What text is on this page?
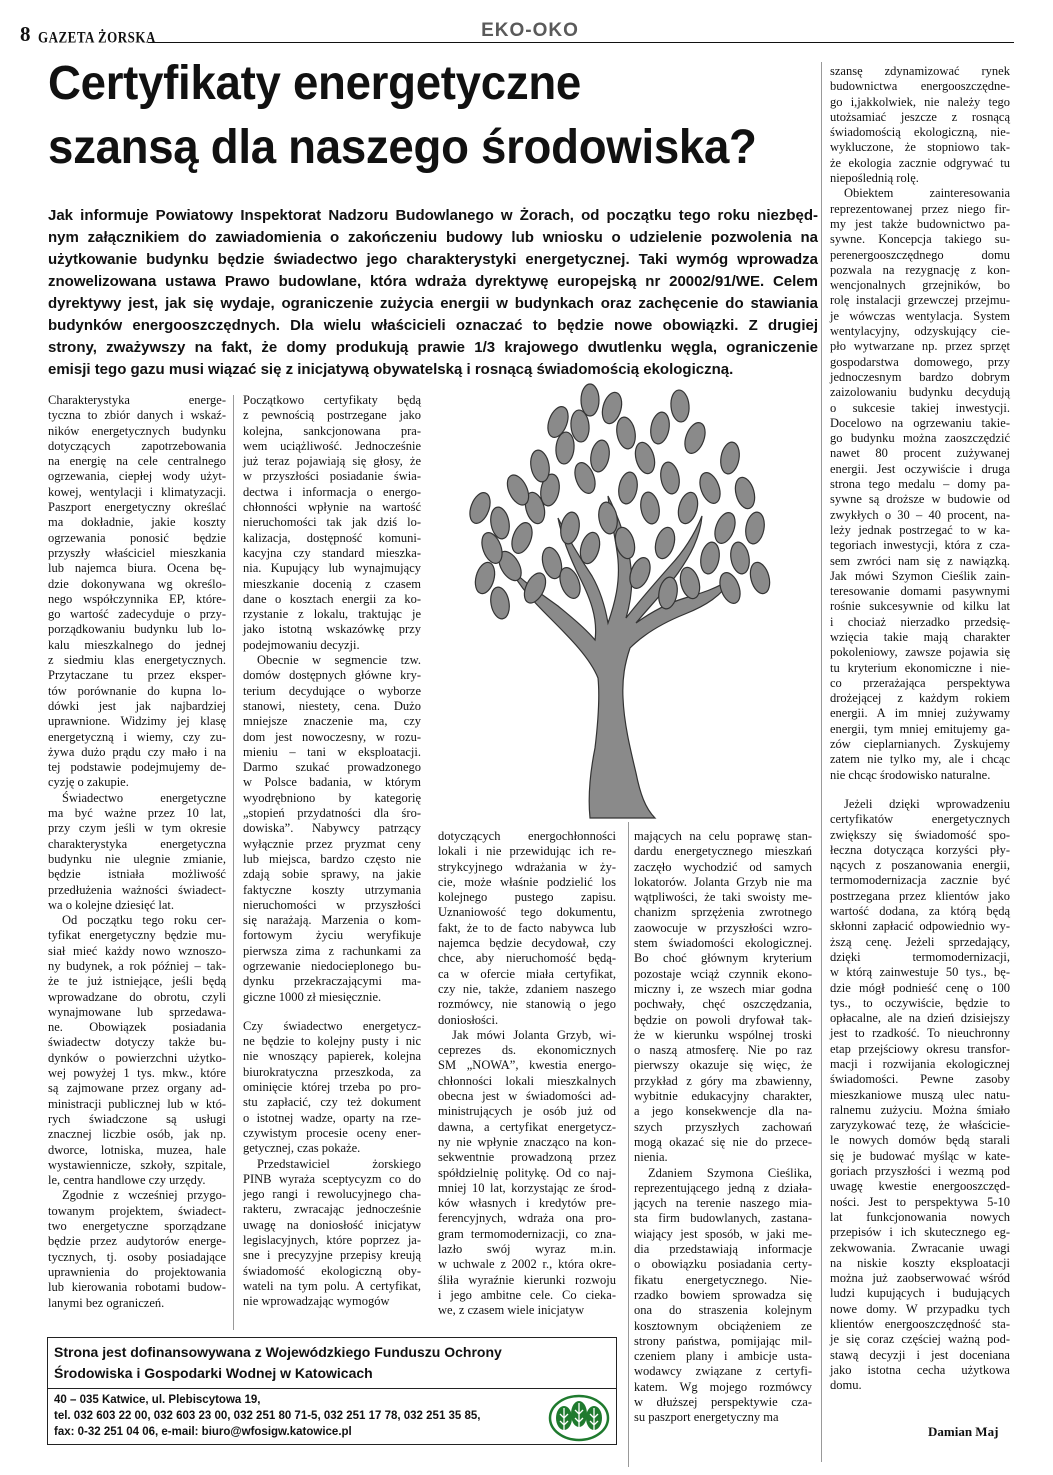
8 GAZETA ŻORSKA	EKO-OKO
Certyfikaty energetyczne
szansą dla naszego środowiska?
Jak informuje Powiatowy Inspektorat Nadzoru Budowlanego w Żorach, od początku tego roku niezbęd-
nym załącznikiem do zawiadomienia o zakończeniu budowy lub wniosku o udzielenie pozwolenia na
użytkowanie budynku będzie świadectwo jego charakterystyki energetycznej. Taki wymóg wprowadza
znowelizowana ustawa Prawo budowlane, która wdraża dyrektywę europejską nr 20002/91/WE. Celem
dyrektywy jest, jak się wydaje, ograniczenie zużycia energii w budynkach oraz zachęcenie do stawiania
budynków energooszczędnych. Dla wielu właścicieli oznaczać to będzie nowe obowiązki. Z drugiej
strony, zważywszy na fakt, że domy produkują prawie 1/3 krajowego dwutlenku węgla, ograniczenie
emisji tego gazu musi wiązać się z inicjatywą obywatelską i rosnącą świadomością ekologiczną.
Charakterystyka energe-
tyczna to zbiór danych i wskaź-
ników energetycznych budynku
dotyczących zapotrzebowania
na energię na cele centralnego
ogrzewania, ciepłej wody użyt-
kowej, wentylacji i klimatyzacji.
Paszport energetyczny określać
ma dokładnie, jakie koszty
ogrzewania ponosić będzie
przyszły właściciel mieszkania
lub najemca biura. Ocena bę-
dzie dokonywana wg określo-
nego współczynnika EP, które-
go wartość zadecyduje o przy-
porządkowaniu budynku lub lo-
kalu mieszkalnego do jednej
z siedmiu klas energetycznych.
Przytaczane tu przez eksper-
tów porównanie do kupna lo-
dówki jest jak najbardziej
uprawnione. Widzimy jej klasę
energetyczną i wiemy, czy zu-
żywa dużo prądu czy mało i na
tej podstawie podejmujemy de-
cyzję o zakupie.
Świadectwo energetyczne
ma być ważne przez 10 lat,
przy czym jeśli w tym okresie
charakterystyka energetyczna
budynku nie ulegnie zmianie,
będzie istniała możliwość
przedłużenia ważności świadect-
wa o kolejne dziesięć lat.
Od początku tego roku cer-
tyfikat energetyczny będzie mu-
siał mieć każdy nowo wznoszo-
ny budynek, a rok później – tak-
że te już istniejące, jeśli będą
wprowadzane do obrotu, czyli
wynajmowane lub sprzedawa-
ne. Obowiązek posiadania
świadectw dotyczy także bu-
dynków o powierzchni użytko-
wej powyżej 1 tys. mkw., które
są zajmowane przez organy ad-
ministracji publicznej lub w któ-
rych świadczone są usługi
znacznej liczbie osób, jak np.
dworce, lotniska, muzea, hale
wystawiennicze, szkoły, szpitale,
le, centra handlowe czy urzędy.
Zgodnie z wcześniej przygo-
towanym projektem, świadect-
two energetyczne sporządzane
będzie przez audytorów energe-
tycznych, tj. osoby posiadające
uprawnienia do projektowania
lub kierowania robotami budow-
lanymi bez ograniczeń.
Początkowo certyfikaty będą
z pewnością postrzegane jako
kolejna, sankcjonowana pra-
wem uciążliwość. Jednocześnie
już teraz pojawiają się głosy, że
w przyszłości posiadanie świa-
dectwa i informacja o energo-
chłonności wpłynie na wartość
nieruchomości tak jak dziś lo-
kalizacja, dostępność komuni-
kacyjna czy standard mieszka-
nia. Kupujący lub wynajmujący
mieszkanie docenią z czasem
dane o kosztach energii za ko-
rzystanie z lokalu, traktując je
jako istotną wskazówkę przy
podejmowaniu decyzji.
Obecnie w segmencie tzw.
domów dostępnych główne kry-
terium decydujące o wyborze
stanowi, niestety, cena. Dużo
mniejsze znaczenie ma, czy
dom jest nowoczesny, w rozu-
mieniu – tani w eksploatacji.
Darmo szukać prowadzonego
w Polsce badania, w którym
wyodrębniono by kategorię
„stopień przydatności dla śro-
dowiska”. Nabywcy patrzący
wyłącznie przez pryzmat ceny
lub miejsca, bardzo często nie
zdają sobie sprawy, na jakie
faktyczne koszty utrzymania
nieruchomości w przyszłości
się narażają. Marzenia o kom-
fortowym życiu weryfikuje
pierwsza zima z rachunkami za
ogrzewanie niedocieplonego bu-
dynku przekraczającymi ma-
giczne 1000 zł miesięcznie.
Czy świadectwo energetycz-
ne będzie to kolejny pusty i nic
nie wnoszący papierek, kolejna
biurokratyczna przeszkoda, za
ominięcie której trzeba po pro-
stu zapłacić, czy też dokument
o istotnej wadze, oparty na rze-
czywistym procesie oceny ener-
getycznej, czas pokaże.
Przedstawiciel żorskiego
PINB wyraża sceptycyzm co do
jego rangi i rewolucyjnego cha-
rakteru, zwracając jednocześnie
uwagę na doniosłość inicjatyw
legislacyjnych, które poprzez ja-
sne i precyzyjne przepisy kreują
świadomość ekologiczną oby-
wateli na tym polu. A certyfikat,
nie wprowadzając wymogów
dotyczących energochłonności
lokali i nie przewidując ich re-
strykcyjnego wdrażania w ży-
cie, może właśnie podzielić los
kolejnego pustego zapisu.
Uznaniowość tego dokumentu,
fakt, że to de facto nabywca lub
najemca będzie decydował, czy
chce, aby nieruchomość będą-
ca w ofercie miała certyfikat,
czy nie, także, zdaniem naszego
rozmówcy, nie stanowią o jego
doniosłości.
Jak mówi Jolanta Grzyb, wi-
ceprezes ds. ekonomicznych
SM „NOWA”, kwestia energo-
chłonności lokali mieszkalnych
obecna jest w świadomości ad-
ministrujących je osób już od
dawna, a certyfikat energetycz-
ny nie wpłynie znacząco na kon-
sekwentnie prowadzoną przez
spółdzielnię politykę. Od co naj-
mniej 10 lat, korzystając ze środ-
ków własnych i kredytów pre-
ferencyjnych, wdraża ona pro-
gram termomodernizacji, co zna-
lazło swój wyraz m.in.
w uchwale z 2002 r., która okre-
śliła wyraźnie kierunki rozwoju
i jego ambitne cele. Co cieka-
we, z czasem wiele inicjatyw
mających na celu poprawę stan-
dardu energetycznego mieszkań
zaczęło wychodzić od samych
lokatorów. Jolanta Grzyb nie ma
wątpliwości, że taki swoisty me-
chanizm sprzężenia zwrotnego
zaowocuje w przyszłości wzro-
stem świadomości ekologicznej.
Bo choć głównym kryterium
pozostaje wciąż czynnik ekono-
miczny i, ze wszech miar godna
pochwały, chęć oszczędzania,
będzie on powoli dryfował tak-
że w kierunku wspólnej troski
o naszą atmosferę. Nie po raz
pierwszy okazuje się więc, że
przykład z góry ma zbawienny,
wybitnie edukacyjny charakter,
a jego konsekwencje dla na-
szych przyszłych zachowań
mogą okazać się nie do przece-
nienia.
Zdaniem Szymona Cieślika,
reprezentującego jedną z działa-
jących na terenie naszego mia-
sta firm budowlanych, zastana-
wiający jest sposób, w jaki me-
dia przedstawiają informacje
o obowiązku posiadania certy-
fikatu energetycznego. Nie-
rzadko bowiem sprowadza się
ona do straszenia kolejnym
kosztownym obciążeniem ze
strony państwa, pomijając mil-
czeniem plany i ambicje usta-
wodawcy związane z certyfi-
katem. Wg mojego rozmówcy
w dłuższej perspektywie cza-
su paszport energetyczny ma
szansę zdynamizować rynek
budownictwa energooszczędne-
go i,jakkolwiek, nie należy tego
utożsamiać jeszcze z rosnącą
świadomością ekologiczną, nie-
wykluczone, że stopniowo tak-
że ekologia zacznie odgrywać tu
niepoślednią rolę.
Obiektem zainteresowania
reprezentowanej przez niego fir-
my jest także budownictwo pa-
sywne. Koncepcja takiego su-
perenergooszczędnego domu
pozwala na rezygnację z kon-
wencjonalnych grzejników, bo
rolę instalacji grzewczej przejmu-
je wówczas wentylacja. System
wentylacyjny, odzyskujący cie-
pło wytwarzane np. przez sprzęt
gospodarstwa domowego, przy
jednoczesnym bardzo dobrym
zaizolowaniu budynku decydują
o sukcesie takiej inwestycji.
Docelowo na ogrzewaniu takie-
go budynku można zaoszczędzić
nawet 80 procent zużywanej
energii. Jest oczywiście i druga
strona tego medalu – domy pa-
sywne są droższe w budowie od
zwykłych o 30 – 40 procent, na-
leży jednak postrzegać to w ka-
tegoriach inwestycji, która z cza-
sem zwróci nam się z nawiązką.
Jak mówi Szymon Cieślik zain-
teresowanie domami pasywnymi
rośnie sukcesywnie od kilku lat
i chociaż nierzadko przedsię-
wzięcia takie mają charakter
pokoleniowy, zawsze pojawia się
tu kryterium ekonomiczne i nie-
co przerażająca perspektywa
drożejącej z każdym rokiem
energii. A im mniej zużywamy
energii, tym mniej emitujemy ga-
zów cieplarnianych. Zyskujemy
zatem nie tylko my, ale i chcąc
nie chcąc środowisko naturalne.
Jeżeli dzięki wprowadzeniu
certyfikatów energetycznych
zwiększy się świadomość spo-
łeczna dotycząca korzyści pły-
nących z poszanowania energii,
termomodernizacja zacznie być
postrzegana przez klientów jako
wartość dodana, za którą będą
skłonni zapłacić odpowiednio wy-
ższą cenę. Jeżeli sprzedający,
dzięki termomodernizacji,
w którą zainwestuje 50 tys., bę-
dzie mógł podnieść cenę o 100
tys., to oczywiście, będzie to
opłacalne, ale na dzień dzisiejszy
jest to rzadkość. To nieuchronny
etap przejściowy okresu transfor-
macji i rozwijania ekologicznej
świadomości. Pewne zasoby
mieszkaniowe muszą ulec natu-
ralnemu zużyciu. Można śmiało
zaryzykować tezę, że właścicie-
le nowych domów będą starali
się je budować myśląc w kate-
goriach przyszłości i wezmą pod
uwagę kwestie energooszczęd-
ności. Jest to perspektywa 5-10
lat funkcjonowania nowych
przepisów i ich skutecznego eg-
zekwowania. Zwracanie uwagi
na niskie koszty eksploatacji
można już zaobserwować wśród
ludzi kupujących i budujących
nowe domy. W przypadku tych
klientów energooszczędność sta-
je się coraz częściej ważną pod-
stawą decyzji i jest doceniana
jako istotna cecha użytkowa
domu.
Strona jest dofinansowywana z Wojewódzkiego Funduszu Ochrony
Środowiska i Gospodarki Wodnej w Katowicach
40 – 035 Katwice, ul. Plebiscytowa 19,
tel. 032 603 22 00, 032 603 23 00, 032 251 80 71-5, 032 251 17 78, 032 251 35 85,
fax: 0-32 251 04 06, e-mail: biuro@wfosigw.katowice.pl	Damian Maj
